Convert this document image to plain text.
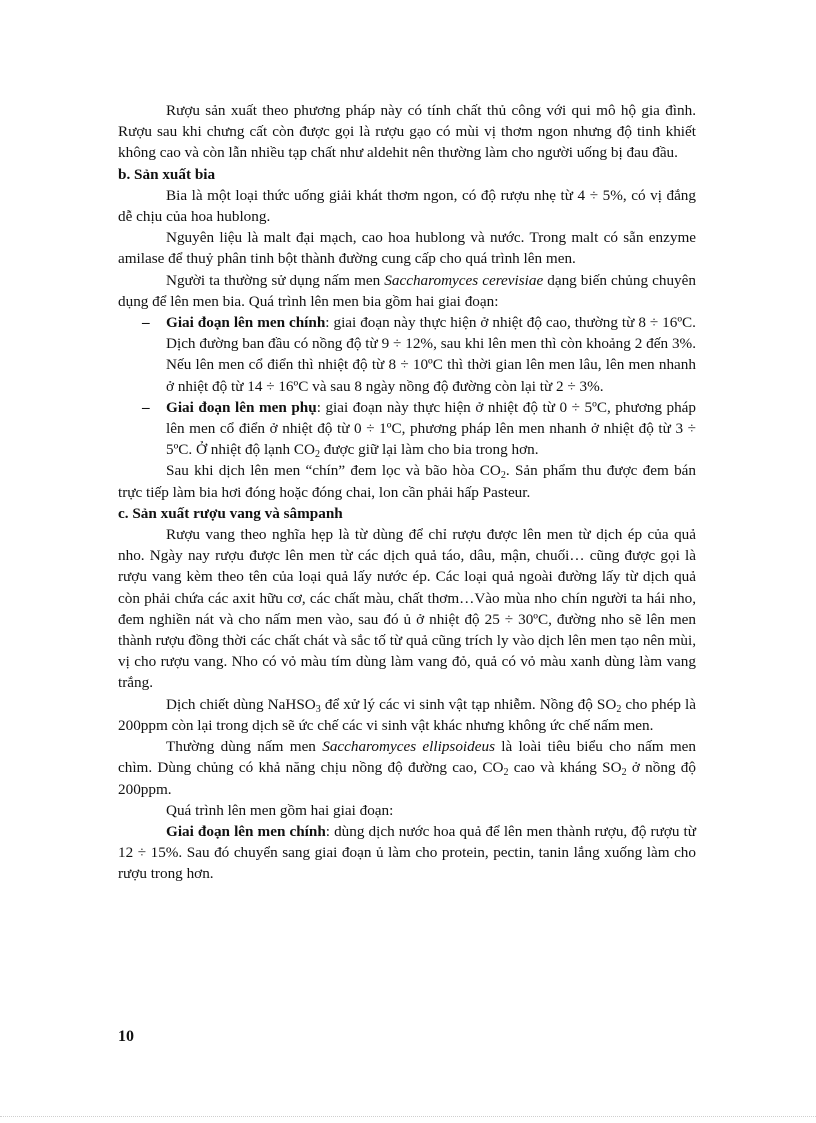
Rượu sản xuất theo phương pháp này có tính chất thủ công với qui mô hộ gia đình. Rượu sau khi chưng cất còn được gọi là rượu gạo có mùi vị thơm ngon nhưng độ tinh khiết không cao và còn lẫn nhiều tạp chất như aldehit nên thường làm cho người uống bị đau đầu.

b. Sản xuất bia

Bia là một loại thức uống giải khát thơm ngon, có độ rượu nhẹ từ 4 ÷ 5%, có vị đắng dễ chịu của hoa hublong.

Nguyên liệu là malt đại mạch, cao hoa hublong và nước. Trong malt có sẵn enzyme amilase để thuỷ phân tinh bột thành đường cung cấp cho quá trình lên men.

Người ta thường sử dụng nấm men Saccharomyces cerevisiae dạng biến chủng chuyên dụng để lên men bia. Quá trình lên men bia gồm hai giai đoạn:

– Giai đoạn lên men chính: giai đoạn này thực hiện ở nhiệt độ cao, thường từ 8 ÷ 16ºC. Dịch đường ban đầu có nồng độ từ 9 ÷ 12%, sau khi lên men thì còn khoảng 2 đến 3%. Nếu lên men cổ điển thì nhiệt độ từ 8 ÷ 10ºC thì thời gian lên men lâu, lên men nhanh ở nhiệt độ từ 14 ÷ 16ºC và sau 8 ngày nồng độ đường còn lại từ 2 ÷ 3%.
– Giai đoạn lên men phụ: giai đoạn này thực hiện ở nhiệt độ từ 0 ÷ 5ºC, phương pháp lên men cổ điển ở nhiệt độ từ 0 ÷ 1ºC, phương pháp lên men nhanh ở nhiệt độ từ 3 ÷ 5ºC. Ở nhiệt độ lạnh $CO_2$ được giữ lại làm cho bia trong hơn.

Sau khi dịch lên men “chín” đem lọc và bão hòa $CO_2$. Sản phẩm thu được đem bán trực tiếp làm bia hơi đóng hoặc đóng chai, lon cần phải hấp Pasteur.

c. Sản xuất rượu vang và sâmpanh

Rượu vang theo nghĩa hẹp là từ dùng để chỉ rượu được lên men từ dịch ép của quả nho. Ngày nay rượu được lên men từ các dịch quả táo, dâu, mận, chuối… cũng được gọi là rượu vang kèm theo tên của loại quả lấy nước ép. Các loại quả ngoài đường lấy từ dịch quả còn phải chứa các axit hữu cơ, các chất màu, chất thơm…Vào mùa nho chín người ta hái nho, đem nghiền nát và cho nấm men vào, sau đó ủ ở nhiệt độ 25 ÷ 30ºC, đường nho sẽ lên men thành rượu đồng thời các chất chát và sắc tố từ quả cũng trích ly vào dịch lên men tạo nên mùi, vị cho rượu vang. Nho có vỏ màu tím dùng làm vang đỏ, quả có vỏ màu xanh dùng làm vang trắng.

Dịch chiết dùng NaHSO$_3$ để xử lý các vi sinh vật tạp nhiễm. Nồng độ $SO_2$ cho phép là 200ppm còn lại trong dịch sẽ ức chế các vi sinh vật khác nhưng không ức chế nấm men.

Thường dùng nấm men Saccharomyces ellipsoideus là loài tiêu biểu cho nấm men chìm. Dùng chủng có khả năng chịu nồng độ đường cao, $CO_2$ cao và kháng $SO_2$ ở nồng độ 200ppm.

Quá trình lên men gồm hai giai đoạn:

Giai đoạn lên men chính: dùng dịch nước hoa quả để lên men thành rượu, độ rượu từ 12 ÷ 15%. Sau đó chuyển sang giai đoạn ủ làm cho protein, pectin, tanin lắng xuống làm cho rượu trong hơn.

10
